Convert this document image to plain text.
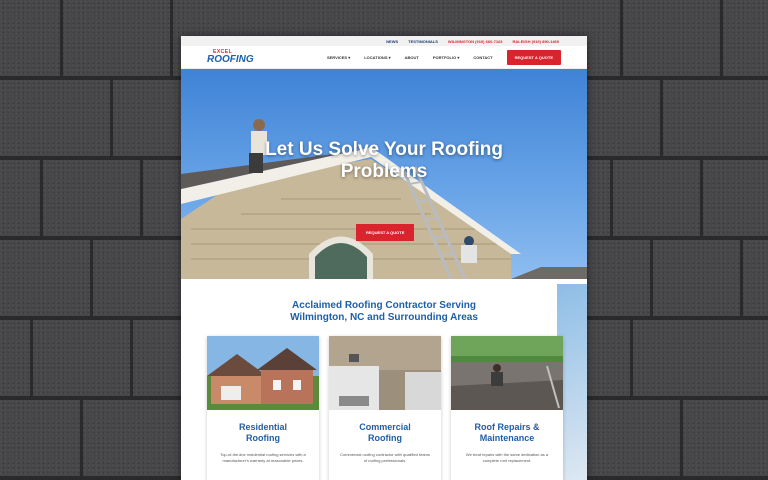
NEWS	TESTIMONIALS	WILMINGTON (910) 660-7163	RALEIGH (919) 890-1469
EXCEL
ROOFING	SERVICES ▾	LOCATIONS ▾	ABOUT	PORTFOLIO ▾	CONTACT	REQUEST A QUOTE
Let Us Solve Your Roofing
Problems
REQUEST A QUOTE
Acclaimed Roofing Contractor Serving
Wilmington, NC and Surrounding Areas
Residential
Roofing

Top-of-the-line residential roofing services with a manufacturer's warranty at reasonable prices.

Commercial
Roofing

Commercial roofing contractor with qualified teams of roofing professionals.

Roof Repairs &
Maintenance

We treat repairs with the same dedication as a complete roof replacement.
